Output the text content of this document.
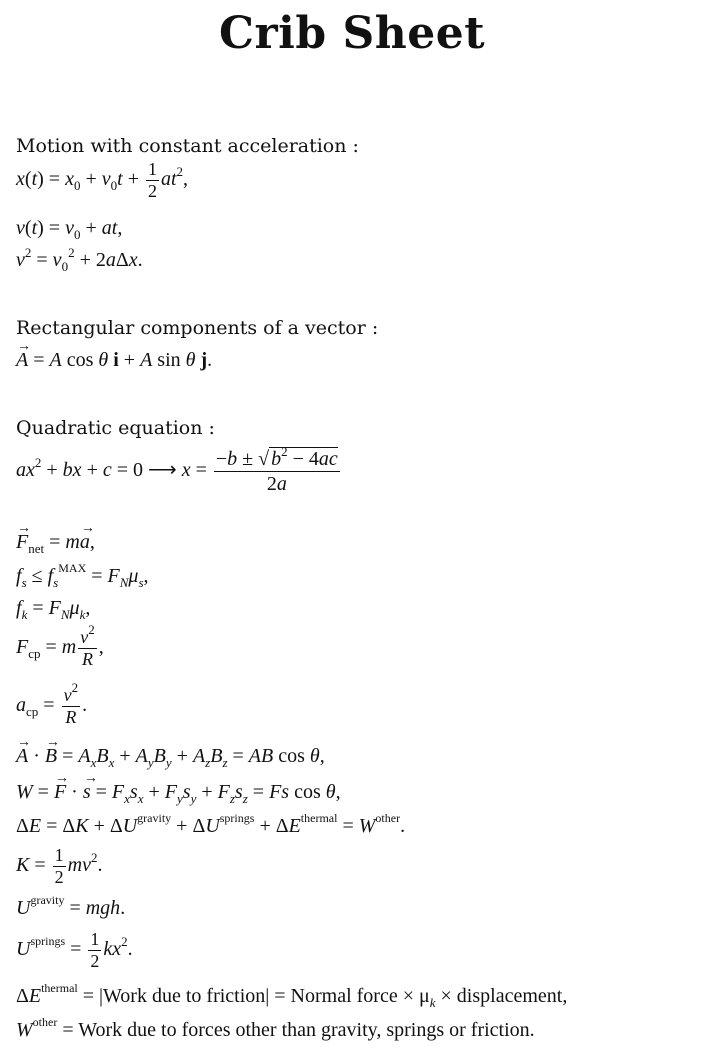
Crib Sheet
Motion with constant acceleration :
$x(t) = x_0 + v_0t + \frac{1}{2} at^2$,
$v(t) = v_0$ + at,
$v^2 = v_0^2 + 2a\Delta x$.
Rectangular components of a vector :
→ A = A cos θ i + A sin θ j.
Quadratic equation :
$ax^2$ + bx + c = 0 ⟶ $x = \frac{-b \pm √ b^2 - 4ac}{2a}$
→ $F_{net} = m\to a$,
$f_s \le f_s^{MAX} = F_N\mu_s$,
$f_k = F_N\mu_k$,
$F_{cp} = m \frac{v^2}{R}$ ,
$a_{cp} = \frac{v^2}{R}$ .
→ A · → $B = A_xB_x + A_yB_y + A_zB_z$ = AB cos θ,
W = → F · → $s = F_xs_x + F_ys_y + F_zs_z = Fs$ cos θ,
$\Delta E = \Delta K + \Delta U^{gravity} + \Delta U^{springs} + \Delta E^{thermal} = W^{other}$.
$K = \frac{1}{2} mv^2$.
$U^{gravity}$ = mgh.
$U^{springs} = \frac{1}{2} kx^2$.
$\Delta E^{thermal}$ = |Work due to friction| = Normal force × $\mu_k$ × displacement,
$W^{other}$ = Work due to forces other than gravity, springs or friction.
